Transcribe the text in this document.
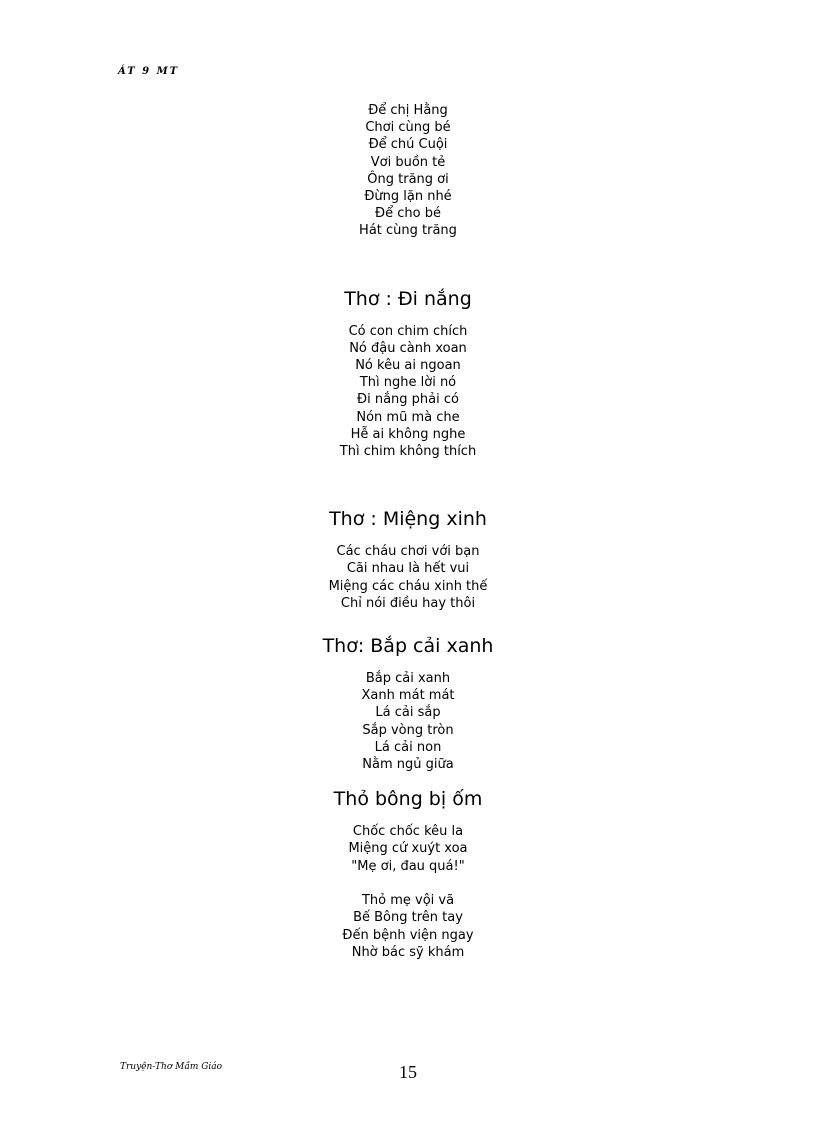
ÁT 9 MT
Để chị Hằng
Chơi cùng bé
Để chú Cuội
Vơi buồn tẻ
Ông trăng ơi
Đừng lặn nhé
Để cho bé
Hát cùng trăng
Thơ : Đi nắng
Có con chim chích
Nó đậu cành xoan
Nó kêu ai ngoan
Thì nghe lời nó
Đi nắng phải có
Nón mũ mà che
Hễ ai không nghe
Thì chim không thích
Thơ : Miệng xinh
Các cháu chơi với bạn
Cãi nhau là hết vui
Miệng các cháu xinh thế
Chỉ nói điều hay thôi
Thơ: Bắp cải xanh
Bắp cải xanh
Xanh mát mát
Lá cải sắp
Sắp vòng tròn
Lá cải non
Nằm ngủ giữa
Thỏ bông bị ốm
Chốc chốc kêu la
Miệng cứ xuýt xoa
"Mẹ ơi, đau quá!"

Thỏ mẹ vội vã
Bế Bông trên tay
Đến bệnh viện ngay
Nhờ bác sỹ khám
Truyện-Thơ Mầm Giáo	15
